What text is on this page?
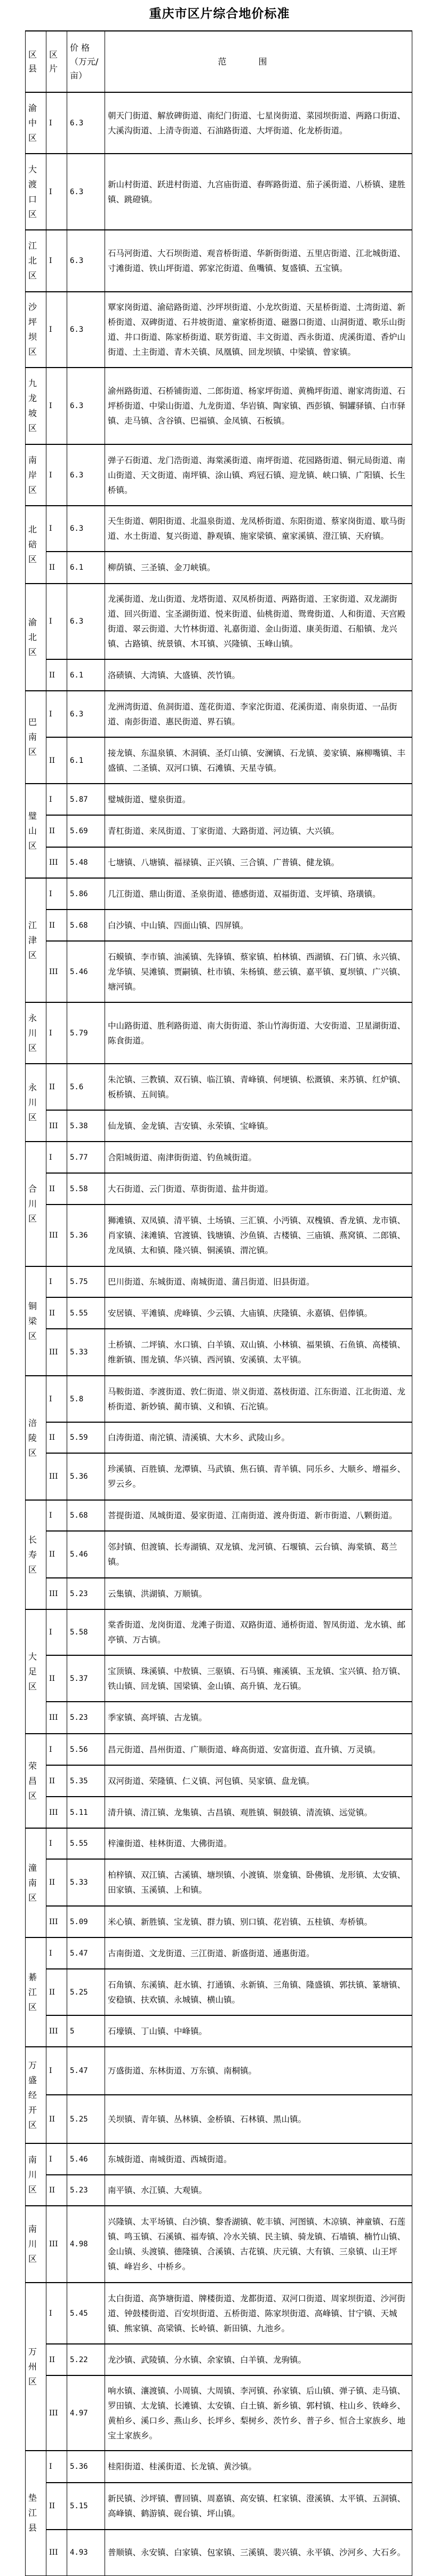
重庆市区片综合地价标准
区县	区片	价 格（万元/亩）	范围

渝中区	Ⅰ	6.3	朝天门街道、解放碑街道、南纪门街道、七星岗街道、菜园坝街道、两路口街道、大溪沟街道、上清寺街道、石油路街道、大坪街道、化龙桥街道。

大渡口区	Ⅰ	6.3	新山村街道、跃进村街道、九宫庙街道、春晖路街道、茄子溪街道、八桥镇、建胜镇、跳磴镇。

江北区	Ⅰ	6.3	石马河街道、大石坝街道、观音桥街道、华新街街道、五里店街道、江北城街道、寸滩街道、铁山坪街道、郭家沱街道、鱼嘴镇、复盛镇、五宝镇。

沙坪坝区	Ⅰ	6.3	覃家岗街道、渝碚路街道、沙坪坝街道、小龙坎街道、天星桥街道、土湾街道、新桥街道、双碑街道、石井坡街道、童家桥街道、磁器口街道、山洞街道、歌乐山街道、井口街道、陈家桥街道、联芳街道、丰文街道、西永街道、虎溪街道、香炉山街道、土主街道、青木关镇、凤凰镇、回龙坝镇、中梁镇、曾家镇。

九龙坡区	Ⅰ	6.3	渝州路街道、石桥铺街道、二郎街道、杨家坪街道、黄桷坪街道、谢家湾街道、石坪桥街道、中梁山街道、九龙街道、华岩镇、陶家镇、西彭镇、铜罐驿镇、白市驿镇、走马镇、含谷镇、巴福镇、金凤镇、石板镇。

南岸区	Ⅰ	6.3	弹子石街道、龙门浩街道、海棠溪街道、南坪街道、花园路街道、铜元局街道、南山街道、天文街道、南坪镇、涂山镇、鸡冠石镇、迎龙镇、峡口镇、广阳镇、长生桥镇。

北碚区	Ⅰ	6.3	天生街道、朝阳街道、北温泉街道、龙凤桥街道、东阳街道、蔡家岗街道、歇马街道、水土街道、复兴街道、静观镇、施家梁镇、童家溪镇、澄江镇、天府镇。
	II	6.1	柳荫镇、三圣镇、金刀峡镇。

渝北区	Ⅰ	6.3	龙溪街道、龙山街道、龙塔街道、双凤桥街道、两路街道、王家街道、双龙湖街道、回兴街道、宝圣湖街道、悦来街道、仙桃街道、鸳鸯街道、人和街道、天宫殿街道、翠云街道、大竹林街道、礼嘉街道、金山街道、康美街道、石船镇、龙兴镇、古路镇、统景镇、木耳镇、兴隆镇、玉峰山镇。
	II	6.1	洛碛镇、大湾镇、大盛镇、茨竹镇。

巴南区	Ⅰ	6.3	龙洲湾街道、鱼洞街道、莲花街道、李家沱街道、花溪街道、南泉街道、一品街道、南彭街道、惠民街道、界石镇。
	II	6.1	接龙镇、东温泉镇、木洞镇、圣灯山镇、安澜镇、石龙镇、姜家镇、麻柳嘴镇、丰盛镇、二圣镇、双河口镇、石滩镇、天星寺镇。

璧山区	Ⅰ	5.87	璧城街道、璧泉街道。
	II	5.69	青杠街道、来凤街道、丁家街道、大路街道、河边镇、大兴镇。
	III	5.48	七塘镇、八塘镇、福禄镇、正兴镇、三合镇、广普镇、健龙镇。

江津区	Ⅰ	5.86	几江街道、鼎山街道、圣泉街道、德感街道、双福街道、支坪镇、珞璜镇。
	II	5.68	白沙镇、中山镇、四面山镇、四屏镇。
	III	5.46	石蟆镇、李市镇、油溪镇、先锋镇、蔡家镇、柏林镇、西湖镇、石门镇、永兴镇、龙华镇、吴滩镇、贾嗣镇、杜市镇、朱杨镇、慈云镇、嘉平镇、夏坝镇、广兴镇、塘河镇。

永川区	Ⅰ	5.79	中山路街道、胜利路街道、南大街街道、茶山竹海街道、大安街道、卫星湖街道、陈食街道。

永川区	II	5.6	朱沱镇、三教镇、双石镇、临江镇、青峰镇、何埂镇、松溉镇、来苏镇、红炉镇、板桥镇、五间镇。
	III	5.38	仙龙镇、金龙镇、吉安镇、永荣镇、宝峰镇。

合川区	Ⅰ	5.77	合阳城街道、南津街街道、钓鱼城街道。
	II	5.58	大石街道、云门街道、草街街道、盐井街道。
	III	5.36	狮滩镇、双凤镇、清平镇、土场镇、三汇镇、小沔镇、双槐镇、香龙镇、龙市镇、肖家镇、涞滩镇、官渡镇、钱塘镇、沙鱼镇、古楼镇、三庙镇、燕窝镇、二郎镇、龙凤镇、太和镇、隆兴镇、铜溪镇、渭沱镇。

铜梁区	Ⅰ	5.75	巴川街道、东城街道、南城街道、蒲吕街道、旧县街道。
	II	5.55	安居镇、平滩镇、虎峰镇、少云镇、大庙镇、庆隆镇、永嘉镇、侣俸镇。
	III	5.33	土桥镇、二坪镇、水口镇、白羊镇、双山镇、小林镇、福果镇、石鱼镇、高楼镇、维新镇、围龙镇、华兴镇、西河镇、安溪镇、太平镇。

涪陵区	Ⅰ	5.8	马鞍街道、李渡街道、敦仁街道、崇义街道、荔枝街道、江东街道、江北街道、龙桥街道、新妙镇、蔺市镇、义和镇、石沱镇。
	II	5.59	白涛街道、南沱镇、清溪镇、大木乡、武陵山乡。
	III	5.36	珍溪镇、百胜镇、龙潭镇、马武镇、焦石镇、青羊镇、同乐乡、大顺乡、增福乡、罗云乡。

长寿区	Ⅰ	5.68	菩提街道、凤城街道、晏家街道、江南街道、渡舟街道、新市街道、八颗街道。
	II	5.46	邻封镇、但渡镇、长寿湖镇、双龙镇、龙河镇、石堰镇、云台镇、海棠镇、葛兰镇。
	III	5.23	云集镇、洪湖镇、万顺镇。

大足区	Ⅰ	5.58	棠香街道、龙岗街道、龙滩子街道、双路街道、通桥街道、智凤街道、龙水镇、邮亭镇、万古镇。
	II	5.37	宝顶镇、珠溪镇、中敖镇、三驱镇、石马镇、雍溪镇、玉龙镇、宝兴镇、拾万镇、铁山镇、回龙镇、国梁镇、金山镇、高升镇、龙石镇。
	III	5.23	季家镇、高坪镇、古龙镇。

荣昌区	Ⅰ	5.56	昌元街道、昌州街道、广顺街道、峰高街道、安富街道、直升镇、万灵镇。
	II	5.35	双河街道、荣隆镇、仁义镇、河包镇、吴家镇、盘龙镇。
	III	5.11	清升镇、清江镇、龙集镇、古昌镇、观胜镇、铜鼓镇、清流镇、远觉镇。

潼南区	Ⅰ	5.55	梓潼街道、桂林街道、大佛街道。
	II	5.33	柏梓镇、双江镇、古溪镇、塘坝镇、小渡镇、崇龛镇、卧佛镇、龙形镇、太安镇、田家镇、玉溪镇、上和镇。
	III	5.09	米心镇、新胜镇、宝龙镇、群力镇、别口镇、花岩镇、五桂镇、寿桥镇。

綦江区	Ⅰ	5.47	古南街道、文龙街道、三江街道、新盛街道、通惠街道。
	II	5.25	石角镇、东溪镇、赶水镇、打通镇、永新镇、三角镇、隆盛镇、郭扶镇、篆塘镇、安稳镇、扶欢镇、永城镇、横山镇。
	III	5	石壕镇、丁山镇、中峰镇。

万盛经开区	Ⅰ	5.47	万盛街道、东林街道、万东镇、南桐镇。
	II	5.25	关坝镇、青年镇、丛林镇、金桥镇、石林镇、黑山镇。

南川区	Ⅰ	5.46	东城街道、南城街道、西城街道。
	II	5.23	南平镇、水江镇、大观镇。

南川区	III	4.98	兴隆镇、太平场镇、白沙镇、黎香湖镇、乾丰镇、河图镇、木凉镇、神童镇、石莲镇、鸣玉镇、石溪镇、福寿镇、冷水关镇、民主镇、骑龙镇、石墙镇、楠竹山镇、金山镇、头渡镇、德隆镇、合溪镇、古花镇、庆元镇、大有镇、三泉镇、山王坪镇、峰岩乡、中桥乡。

万州区	Ⅰ	5.45	太白街道、高笋塘街道、牌楼街道、龙都街道、双河口街道、周家坝街道、沙河街道、钟鼓楼街道、百安坝街道、五桥街道、陈家坝街道、高峰镇、甘宁镇、天城镇、熊家镇、高梁镇、长岭镇、新田镇、九池乡。
	II	5.22	龙沙镇、武陵镇、分水镇、余家镇、白羊镇、龙驹镇。
	III	4.97	响水镇、瀼渡镇、小周镇、大周镇、李河镇、孙家镇、后山镇、弹子镇、走马镇、罗田镇、太龙镇、长滩镇、太安镇、白土镇、新乡镇、郭村镇、柱山乡、铁峰乡、黄柏乡、溪口乡、燕山乡、长坪乡、梨树乡、茨竹乡、普子乡、恒合土家族乡、地宝土家族乡。

垫江县	Ⅰ	5.36	桂阳街道、桂溪街道、长龙镇、黄沙镇。
	II	5.15	新民镇、沙坪镇、曹回镇、周嘉镇、高安镇、杠家镇、澄溪镇、太平镇、五洞镇、高峰镇、鹤游镇、砚台镇、坪山镇。
	III	4.93	普顺镇、永安镇、白家镇、包家镇、三溪镇、裴兴镇、永平镇、沙河乡、大石乡。
